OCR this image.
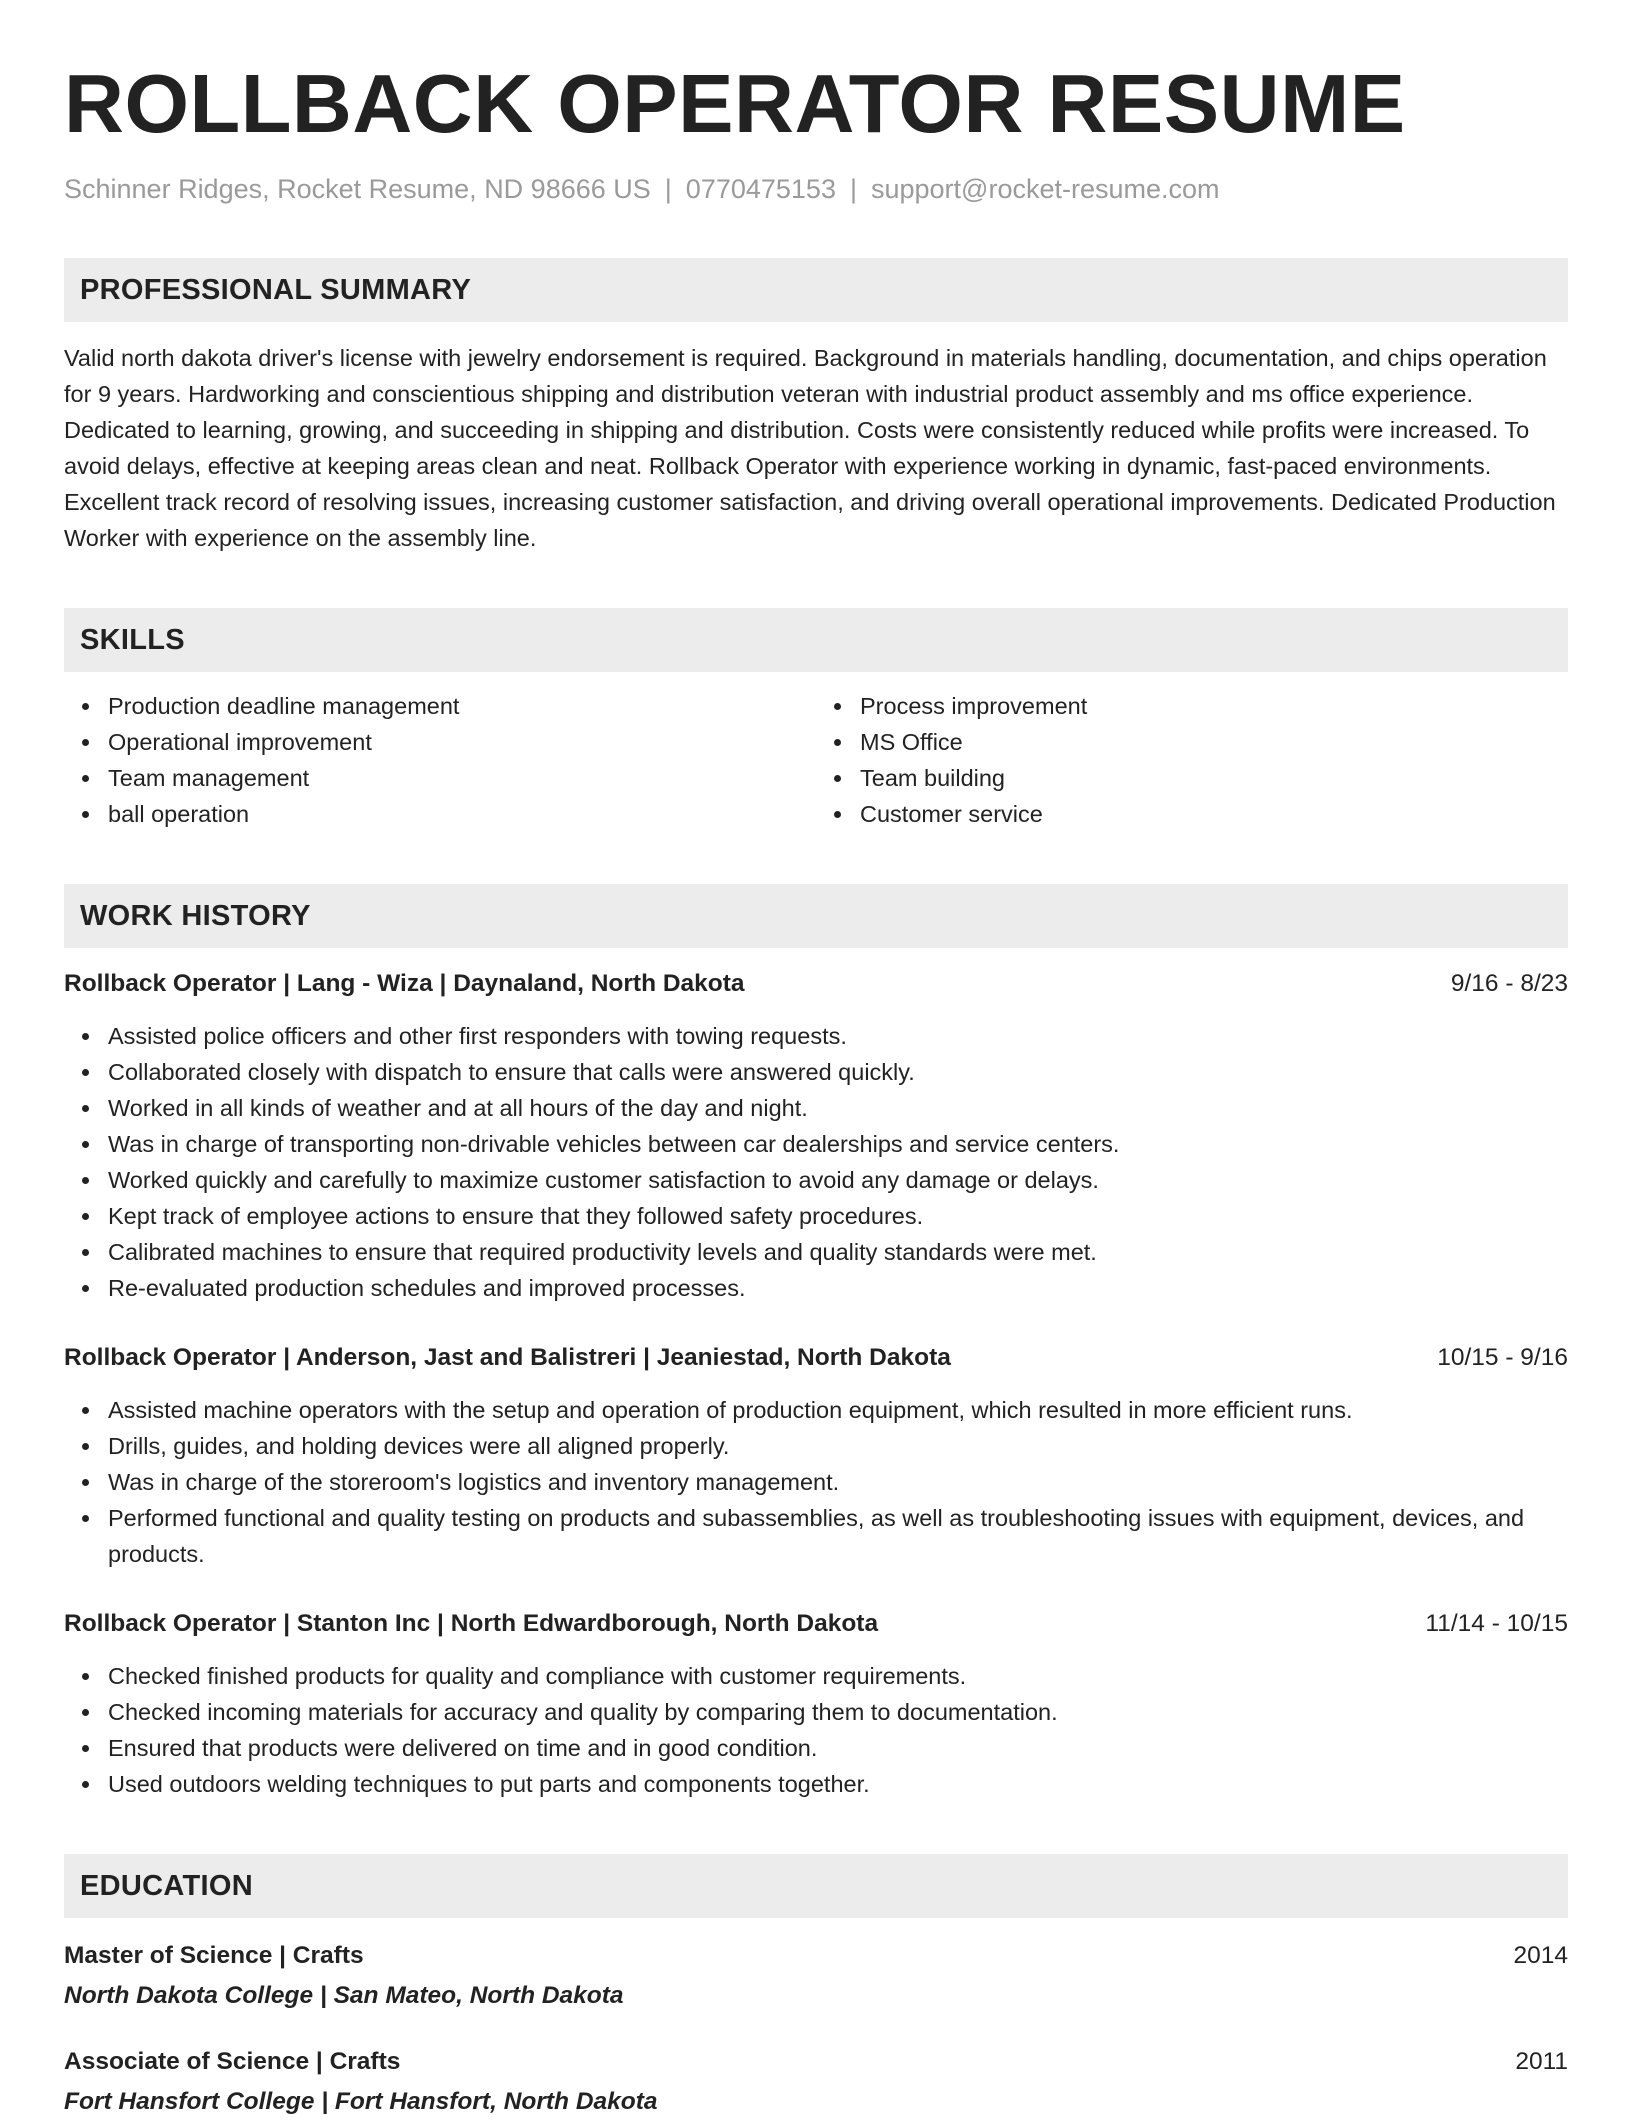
ROLLBACK OPERATOR RESUME
Schinner Ridges, Rocket Resume, ND 98666 US | 0770475153 | support@rocket-resume.com
PROFESSIONAL SUMMARY
Valid north dakota driver's license with jewelry endorsement is required. Background in materials handling, documentation, and chips operation for 9 years. Hardworking and conscientious shipping and distribution veteran with industrial product assembly and ms office experience. Dedicated to learning, growing, and succeeding in shipping and distribution. Costs were consistently reduced while profits were increased. To avoid delays, effective at keeping areas clean and neat. Rollback Operator with experience working in dynamic, fast-paced environments. Excellent track record of resolving issues, increasing customer satisfaction, and driving overall operational improvements. Dedicated Production Worker with experience on the assembly line.
SKILLS
Production deadline management
Operational improvement
Team management
ball operation
Process improvement
MS Office
Team building
Customer service
WORK HISTORY
Rollback Operator | Lang - Wiza | Daynaland, North Dakota	9/16 - 8/23
Assisted police officers and other first responders with towing requests.
Collaborated closely with dispatch to ensure that calls were answered quickly.
Worked in all kinds of weather and at all hours of the day and night.
Was in charge of transporting non-drivable vehicles between car dealerships and service centers.
Worked quickly and carefully to maximize customer satisfaction to avoid any damage or delays.
Kept track of employee actions to ensure that they followed safety procedures.
Calibrated machines to ensure that required productivity levels and quality standards were met.
Re-evaluated production schedules and improved processes.
Rollback Operator | Anderson, Jast and Balistreri | Jeaniestad, North Dakota	10/15 - 9/16
Assisted machine operators with the setup and operation of production equipment, which resulted in more efficient runs.
Drills, guides, and holding devices were all aligned properly.
Was in charge of the storeroom's logistics and inventory management.
Performed functional and quality testing on products and subassemblies, as well as troubleshooting issues with equipment, devices, and products.
Rollback Operator | Stanton Inc | North Edwardborough, North Dakota	11/14 - 10/15
Checked finished products for quality and compliance with customer requirements.
Checked incoming materials for accuracy and quality by comparing them to documentation.
Ensured that products were delivered on time and in good condition.
Used outdoors welding techniques to put parts and components together.
EDUCATION
Master of Science | Crafts	2014
North Dakota College | San Mateo, North Dakota
Associate of Science | Crafts	2011
Fort Hansfort College | Fort Hansfort, North Dakota
